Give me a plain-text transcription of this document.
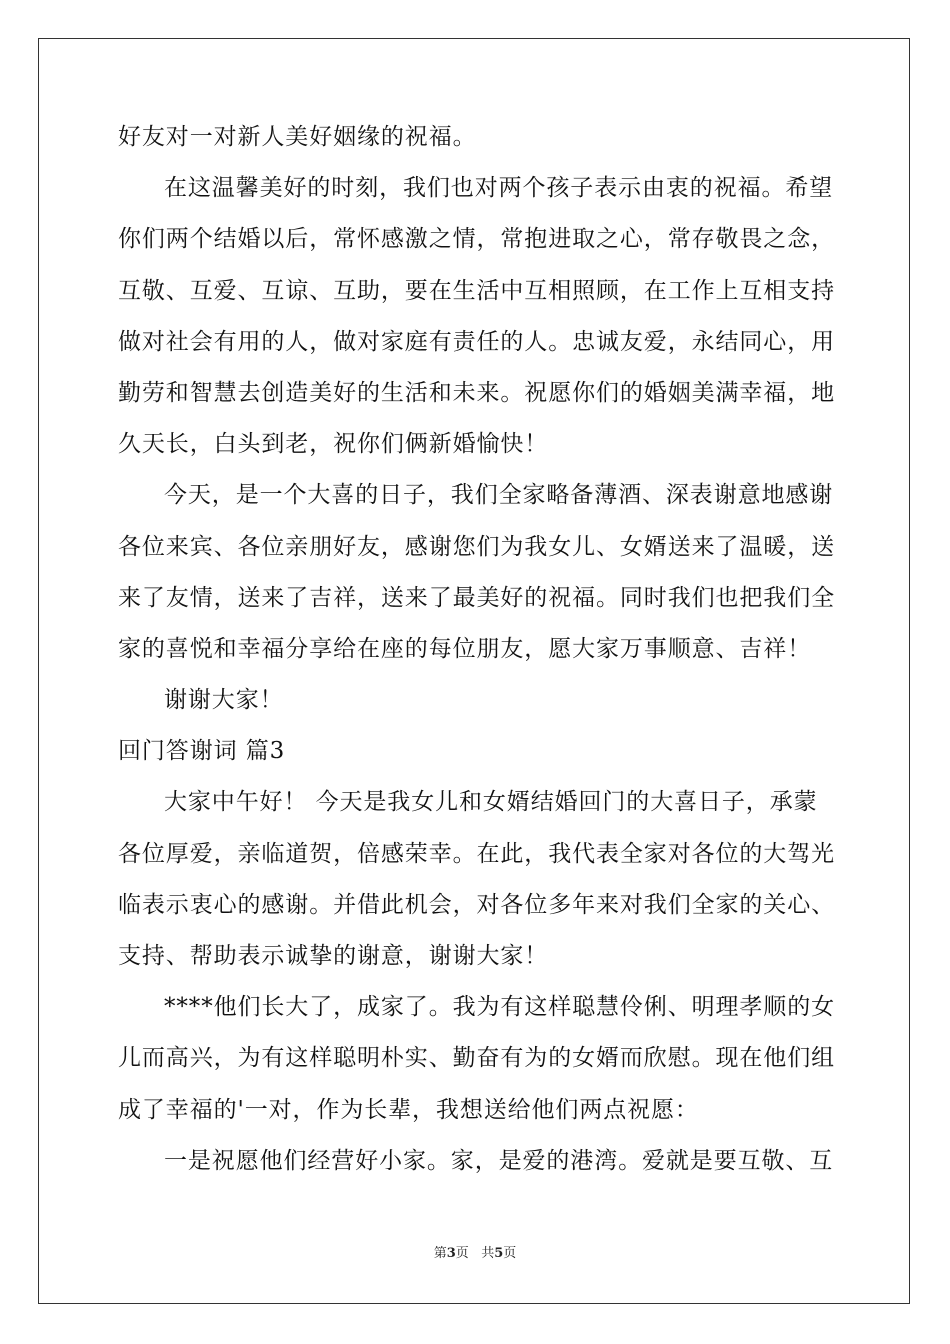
好友对一对新人美好姻缘的祝福。
在这温馨美好的时刻，我们也对两个孩子表示由衷的祝福。希望
你们两个结婚以后，常怀感激之情，常抱进取之心，常存敬畏之念，
互敬、互爱、互谅、互助，要在生活中互相照顾，在工作上互相支持
做对社会有用的人，做对家庭有责任的人。忠诚友爱，永结同心，用
勤劳和智慧去创造美好的生活和未来。祝愿你们的婚姻美满幸福，地
久天长，白头到老，祝你们俩新婚愉快！
今天，是一个大喜的日子，我们全家略备薄酒、深表谢意地感谢
各位来宾、各位亲朋好友，感谢您们为我女儿、女婿送来了温暖，送
来了友情，送来了吉祥，送来了最美好的祝福。同时我们也把我们全
家的喜悦和幸福分享给在座的每位朋友，愿大家万事顺意、吉祥！
谢谢大家！
回门答谢词 篇3
大家中午好！ 今天是我女儿和女婿结婚回门的大喜日子，承蒙
各位厚爱，亲临道贺，倍感荣幸。在此，我代表全家对各位的大驾光
临表示衷心的感谢。并借此机会，对各位多年来对我们全家的关心、
支持、帮助表示诚挚的谢意，谢谢大家！
****他们长大了，成家了。我为有这样聪慧伶俐、明理孝顺的女
儿而高兴，为有这样聪明朴实、勤奋有为的女婿而欣慰。现在他们组
成了幸福的'一对，作为长辈，我想送给他们两点祝愿：
一是祝愿他们经营好小家。家，是爱的港湾。爱就是要互敬、互
第3页 共5页
